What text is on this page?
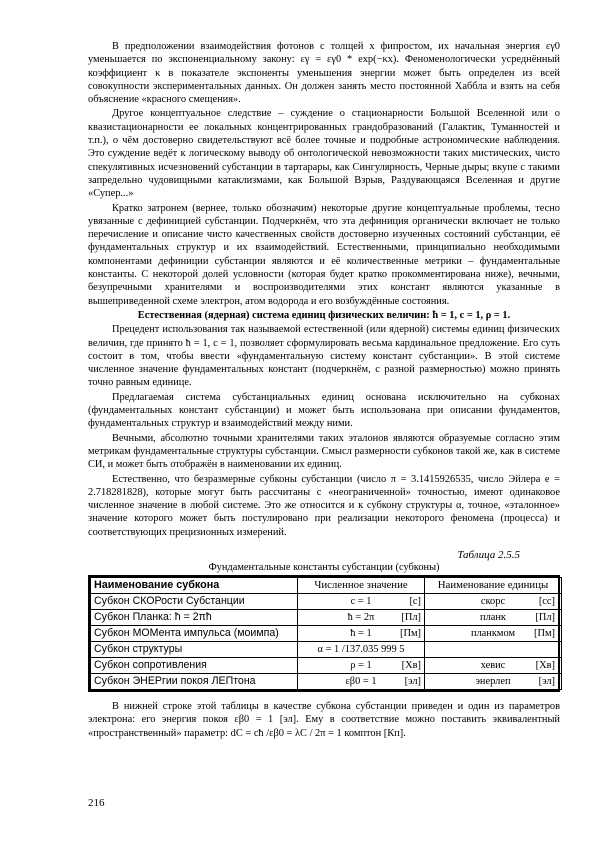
В предположении взаимодействия фотонов с толщей x фипростом, их начальная энергия εγ0 уменьшается по экспоненциальному закону: εγ = εγ0 * exp(−κx). Феноменологически усреднённый коэффициент κ в показателе экспоненты уменьшения энергии может быть определен из всей совокупности экспериментальных данных. Он должен занять место постоянной Хаббла и взять на себя объяснение «красного смещения».

Другое концептуальное следствие – суждение о стационарности Большой Вселенной или о квазистационарности ее локальных концентрированных грандобразований (Галактик, Туманностей и т.п.), о чём достоверно свидетельствуют всё более точные и подробные астрономические наблюдения. Это суждение ведёт к логическому выводу об онтологической невозможности таких мистических, чисто спекулятивных исчезновений субстанции в тартарары, как Сингулярность, Черные дыры; вкупе с такими запредельно чудовищными катаклизмами, как Большой Взрыв, Раздувающаяся Вселенная и другие «Супер...»

Кратко затронем (вернее, только обозначим) некоторые другие концептуальные проблемы, тесно увязанные с дефиницией субстанции. Подчеркнём, что эта дефиниция органически включает не только перечисление и описание чисто качественных свойств достоверно изученных состояний субстанции, её фундаментальных структур и их взаимодействий. Естественными, принципиально необходимыми компонентами дефиниции субстанции являются и её количественные метрики – фундаментальные константы. С некоторой долей условности (которая будет кратко прокомментирована ниже), вечными, безупречными хранителями и воспроизводителями этих констант являются указанные в вышеприведенной схеме электрон, атом водорода и его возбуждённые состояния.

Естественная (ядерная) система единиц физических величин: ħ = 1, c = 1, ρ = 1.

Прецедент использования так называемой естественной (или ядерной) системы единиц физических величин, где принято ħ = 1, c = 1, позволяет сформулировать весьма кардинальное предложение. Его суть состоит в том, чтобы ввести «фундаментальную систему констант субстанции». В этой системе численное значение фундаментальных констант (подчеркнём, с разной размерностью) можно принять точно равным единице.

Предлагаемая система субстанциальных единиц основана исключительно на субконах (фундаментальных констант субстанции) и может быть использована при описании фундаментов, фундаментальных структур и взаимодействий между ними.

Вечными, абсолютно точными хранителями таких эталонов являются образуемые согласно этим метрикам фундаментальные структуры субстанции. Смысл размерности субконов такой же, как в системе СИ, и может быть отображён в наименовании их единиц.

Естественно, что безразмерные субконы субстанции (число π = 3.1415926535, число Эйлера e = 2.718281828), которые могут быть рассчитаны с «неограниченной» точностью, имеют одинаковое численное значение в любой системе. Это же относится и к субкону структуры α, точное, «эталонное» значение которого может быть постулировано при реализации некоторого феномена (процесса) и соответствующих прецизионных измерений.

Таблица 2.5.5
Фундаментальные константы субстанции (субконы)
Наименование субкона	Численное значение	Наименование единицы
Субкон СКОРости Субстанции	c = 1 [с]	скорс [сс]

Субкон Планка: ħ = 2πħ	ħ = 2π [Пл]	планк [Пл]

Субкон МОМента импульса (моимпа)	ħ = 1 [Пм]	планкмом [Пм]

Субкон структуры	α = 1 /137.035 999 5

Субкон сопротивления	ρ = 1 [Хв]	хевис [Хв]

Субкон ЭНЕРгии покоя ЛЕПтона	εβ0 = 1 [эл]	энерлеп [эл]

В нижней строке этой таблицы в качестве субкона субстанции приведен и один из параметров электрона: его энергия покоя εβ0 = 1 [эл]. Ему в соответствие можно поставить эквивалентный «пространственный» параметр: dC = cħ /εβ0 = λC / 2π = 1 комптон [Кп].

216
